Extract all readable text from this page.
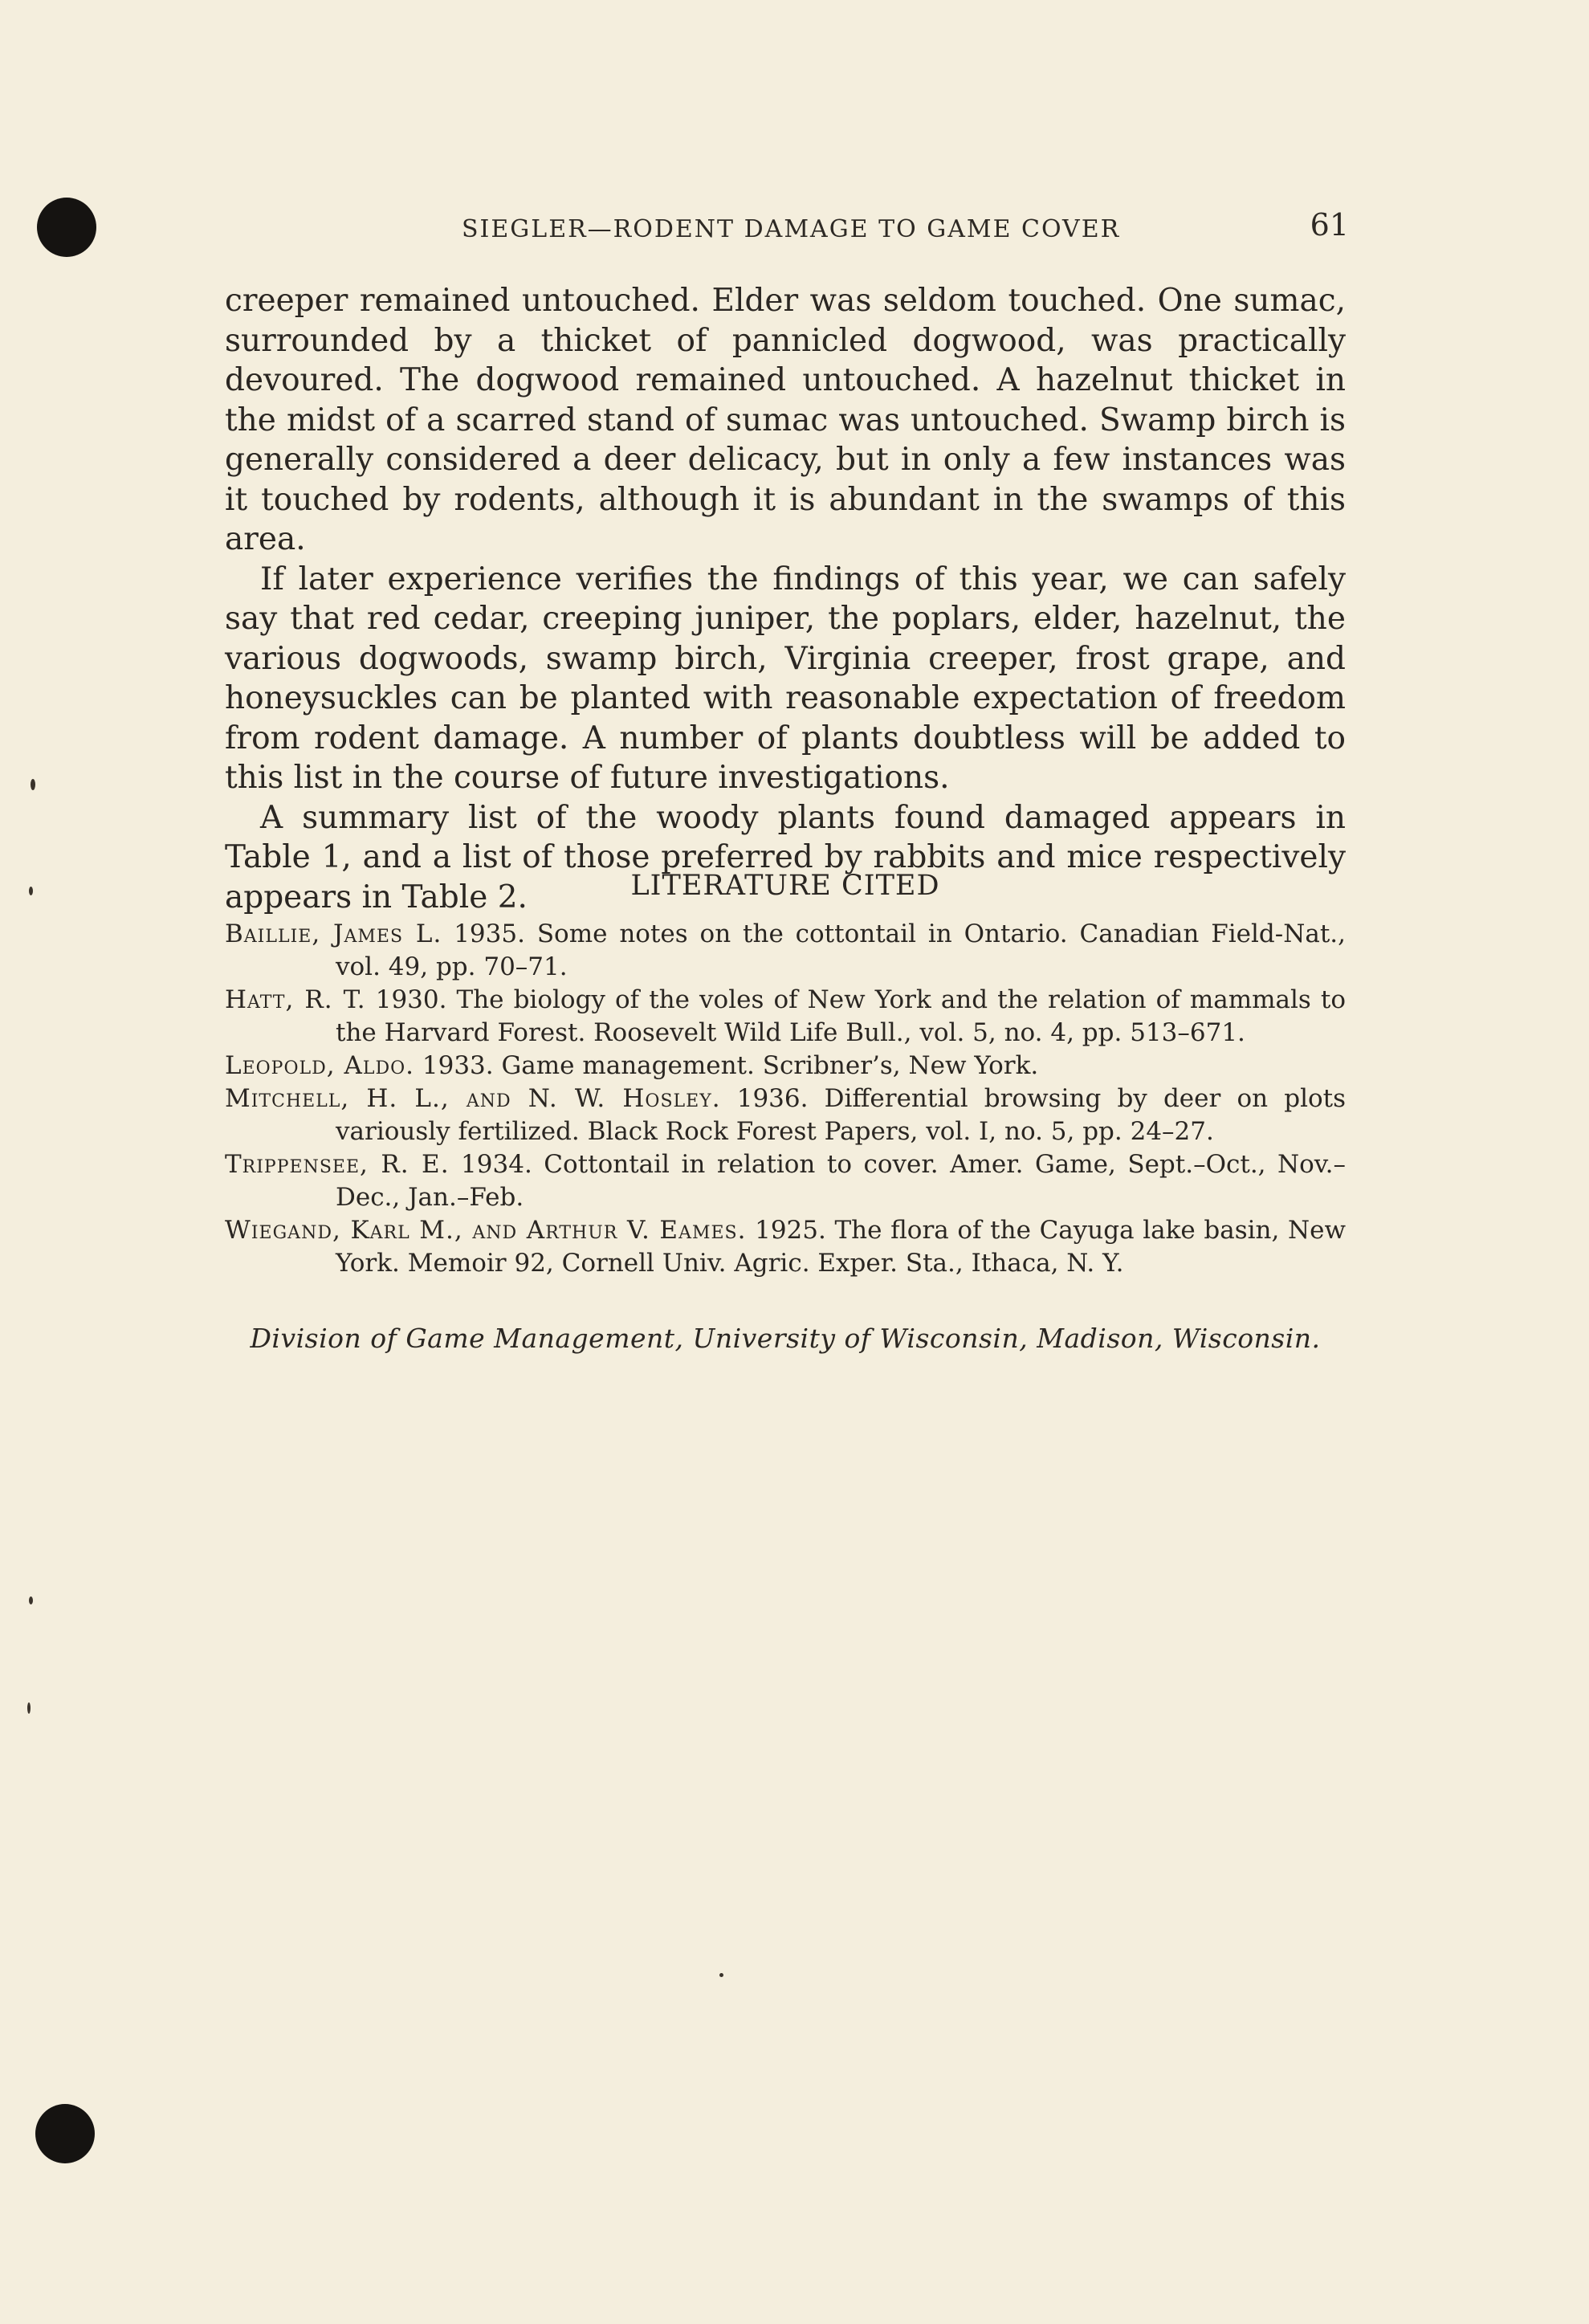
SIEGLER—RODENT DAMAGE TO GAME COVER	61

creeper remained untouched. Elder was seldom touched. One sumac, surrounded by a thicket of pannicled dogwood, was practically devoured. The dogwood remained untouched. A hazelnut thicket in the midst of a scarred stand of sumac was untouched. Swamp birch is generally considered a deer delicacy, but in only a few instances was it touched by rodents, although it is abundant in the swamps of this area.

If later experience verifies the findings of this year, we can safely say that red cedar, creeping juniper, the poplars, elder, hazelnut, the various dogwoods, swamp birch, Virginia creeper, frost grape, and honeysuckles can be planted with reasonable expectation of freedom from rodent damage. A number of plants doubtless will be added to this list in the course of future investigations.

A summary list of the woody plants found damaged appears in Table 1, and a list of those preferred by rabbits and mice respectively appears in Table 2.	LITERATURE CITED

Baillie, James L. 1935. Some notes on the cottontail in Ontario. Canadian Field-Nat., vol. 49, pp. 70–71.

Hatt, R. T. 1930. The biology of the voles of New York and the relation of mammals to the Harvard Forest. Roosevelt Wild Life Bull., vol. 5, no. 4, pp. 513–671.

Leopold, Aldo. 1933. Game management. Scribner’s, New York.

Mitchell, H. L., and N. W. Hosley. 1936. Differential browsing by deer on plots variously fertilized. Black Rock Forest Papers, vol. I, no. 5, pp. 24–27.

Trippensee, R. E. 1934. Cottontail in relation to cover. Amer. Game, Sept.–Oct., Nov.–Dec., Jan.–Feb.

Wiegand, Karl M., and Arthur V. Eames. 1925. The flora of the Cayuga lake basin, New York. Memoir 92, Cornell Univ. Agric. Exper. Sta., Ithaca, N. Y.

Division of Game Management, University of Wisconsin, Madison, Wisconsin.
